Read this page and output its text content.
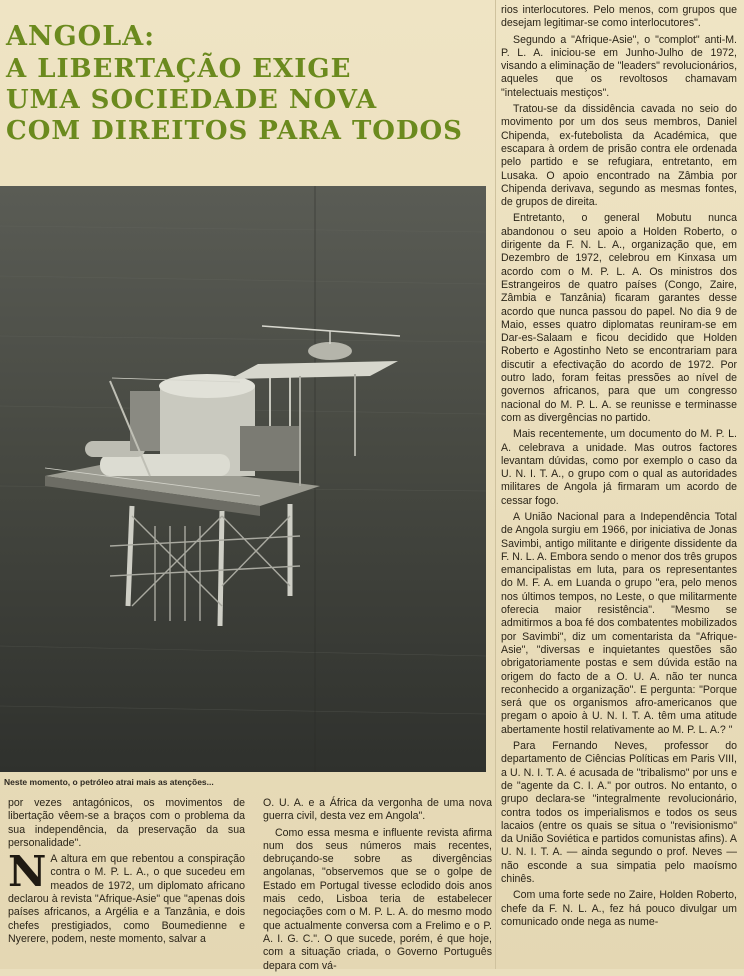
ANGOLA:
A LIBERTAÇÃO EXIGE
UMA SOCIEDADE NOVA
COM DIREITOS PARA TODOS
Neste momento, o petróleo atrai mais as atenções...

por vezes antagónicos, os movimentos de libertação vêem-se a braços com o problema da sua independência, da preservação da sua personalidade".

N A altura em que rebentou a conspiração contra o M. P. L. A., o que sucedeu em meados de 1972, um diplomato africano declarou à revista "Afrique-Asie" que "apenas dois países africanos, a Argélia e a Tanzânia, e dois chefes prestigiados, como Boumedienne e Nyerere, podem, neste momento, salvar a

O. U. A. e a África da vergonha de uma nova guerra civil, desta vez em Angola".

Como essa mesma e influente revista afirma num dos seus números mais recentes, debruçando-se sobre as divergências angolanas, "observemos que se o golpe de Estado em Portugal tivesse eclodido dois anos mais cedo, Lisboa teria de estabelecer negociações com o M. P. L. A. do mesmo modo que actualmente conversa com a Frelimo e o P. A. I. G. C.". O que sucede, porém, é que hoje, com a situação criada, o Governo Português depara com vá-

rios interlocutores. Pelo menos, com grupos que desejam legitimar-se como interlocutores".

Segundo a "Afrique-Asie", o "complot" anti-M. P. L. A. iniciou-se em Junho-Julho de 1972, visando a eliminação de "leaders" revolucionários, aqueles que os revoltosos chamavam "intelectuais mestiços".

Tratou-se da dissidência cavada no seio do movimento por um dos seus membros, Daniel Chipenda, ex-futebolista da Académica, que escapara à ordem de prisão contra ele ordenada pelo partido e se refugiara, entretanto, em Lusaka. O apoio encontrado na Zâmbia por Chipenda derivava, segundo as mesmas fontes, de grupos de direita.

Entretanto, o general Mobutu nunca abandonou o seu apoio a Holden Roberto, o dirigente da F. N. L. A., organização que, em Dezembro de 1972, celebrou em Kinxasa um acordo com o M. P. L. A. Os ministros dos Estrangeiros de quatro países (Congo, Zaire, Zâmbia e Tanzânia) ficaram garantes desse acordo que nunca passou do papel. No dia 9 de Maio, esses quatro diplomatas reuniram-se em Dar-es-Salaam e ficou decidido que Holden Roberto e Agostinho Neto se encontrariam para discutir a efectivação do acordo de 1972. Por outro lado, foram feitas pressões ao nível de governos africanos, para que um congresso nacional do M. P. L. A. se reunisse e terminasse com as divergências no partido.

Mais recentemente, um documento do M. P. L. A. celebrava a unidade. Mas outros factores levantam dúvidas, como por exemplo o caso da U. N. I. T. A., o grupo com o qual as autoridades militares de Angola já firmaram um acordo de cessar fogo.

A União Nacional para a Independência Total de Angola surgiu em 1966, por iniciativa de Jonas Savimbi, antigo militante e dirigente dissidente da F. N. L. A. Embora sendo o menor dos três grupos emancipalistas em luta, para os representantes do M. F. A. em Luanda o grupo "era, pelo menos nos últimos tempos, no Leste, o que militarmente oferecia maior resistência". "Mesmo se admitirmos a boa fé dos combatentes mobilizados por Savimbi", diz um comentarista da "Afrique-Asie", "diversas e inquietantes questões são obrigatoriamente postas e sem dúvida estão na origem do facto de a O. U. A. não ter nunca reconhecido a organização". E pergunta: "Porque será que os organismos afro-americanos que pregam o apoio à U. N. I. T. A. têm uma atitude abertamente hostil relativamente ao M. P. L. A.? "

Para Fernando Neves, professor do departamento de Ciências Políticas em Paris VIII, a U. N. I. T. A. é acusada de "tribalismo" por uns e de "agente da C. I. A." por outros. No entanto, o grupo declara-se "integralmente revolucionário, contra todos os imperialismos e todos os seus lacaios (entre os quais se situa o "revisionismo" da União Soviética e partidos comunistas afins). A U. N. I. T. A. — ainda segundo o prof. Neves — não esconde a sua simpatia pelo maoísmo chinês.

Com uma forte sede no Zaire, Holden Roberto, chefe da F. N. L. A., fez há pouco divulgar um comunicado onde nega as nume-
